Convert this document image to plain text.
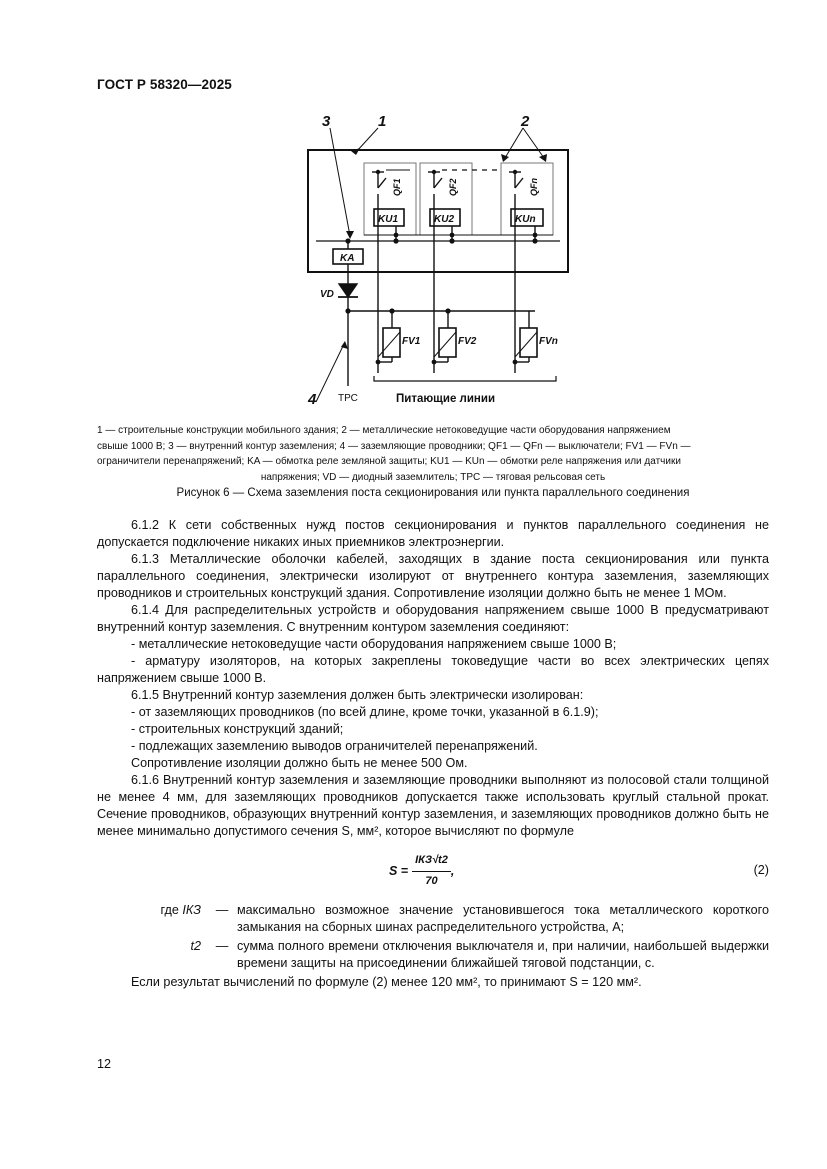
ГОСТ Р 58320—2025
3	1	2
4
QF1	QF2	QFn
KU1	KU2	KUn
KA
VD
FV1	FV2	FVn
ТРС	Питающие линии
1 — строительные конструкции мобильного здания; 2 — металлические нетоковедущие части оборудования напряжением
свыше 1000 В; 3 — внутренний контур заземления; 4 — заземляющие проводники; QF1 — QFn — выключатели; FV1 — FVn —
ограничители перенапряжений; KA — обмотка реле земляной защиты; KU1 — KUn — обмотки реле напряжения или датчики
напряжения; VD — диодный заземлитель; ТРС — тяговая рельсовая сеть
Рисунок 6 — Схема заземления поста секционирования или пункта параллельного соединения

6.1.2 К сети собственных нужд постов секционирования и пунктов параллельного соединения не допускается подключение никаких иных приемников электроэнергии.

6.1.3 Металлические оболочки кабелей, заходящих в здание поста секционирования или пункта параллельного соединения, электрически изолируют от внутреннего контура заземления, заземляющих проводников и строительных конструкций здания. Сопротивление изоляции должно быть не менее 1 МОм.

6.1.4 Для распределительных устройств и оборудования напряжением свыше 1000 В предусматривают внутренний контур заземления. С внутренним контуром заземления соединяют:

- металлические нетоковедущие части оборудования напряжением свыше 1000 В;

- арматуру изоляторов, на которых закреплены токоведущие части во всех электрических цепях напряжением свыше 1000 В.

6.1.5 Внутренний контур заземления должен быть электрически изолирован:

- от заземляющих проводников (по всей длине, кроме точки, указанной в 6.1.9);

- строительных конструкций зданий;

- подлежащих заземлению выводов ограничителей перенапряжений.

Сопротивление изоляции должно быть не менее 500 Ом.

6.1.6 Внутренний контур заземления и заземляющие проводники выполняют из полосовой стали толщиной не менее 4 мм, для заземляющих проводников допускается также использовать круглый стальной прокат. Сечение проводников, образующих внутренний контур заземления, и заземляющих проводников должно быть не менее минимально допустимого сечения S, мм², которое вычисляют по формуле

$S = \frac{\text{IКЗ√t2}}{70}$ ,	(2)
где IКЗ	— максимально возможное значение установившегося тока металлического короткого замыкания на сборных шинах распределительного устройства, А;
t2	— сумма полного времени отключения выключателя и, при наличии, наибольшей выдержки времени защиты на присоединении ближайшей тяговой подстанции, с.

Если результат вычислений по формуле (2) менее 120 мм², то принимают S = 120 мм².

12
